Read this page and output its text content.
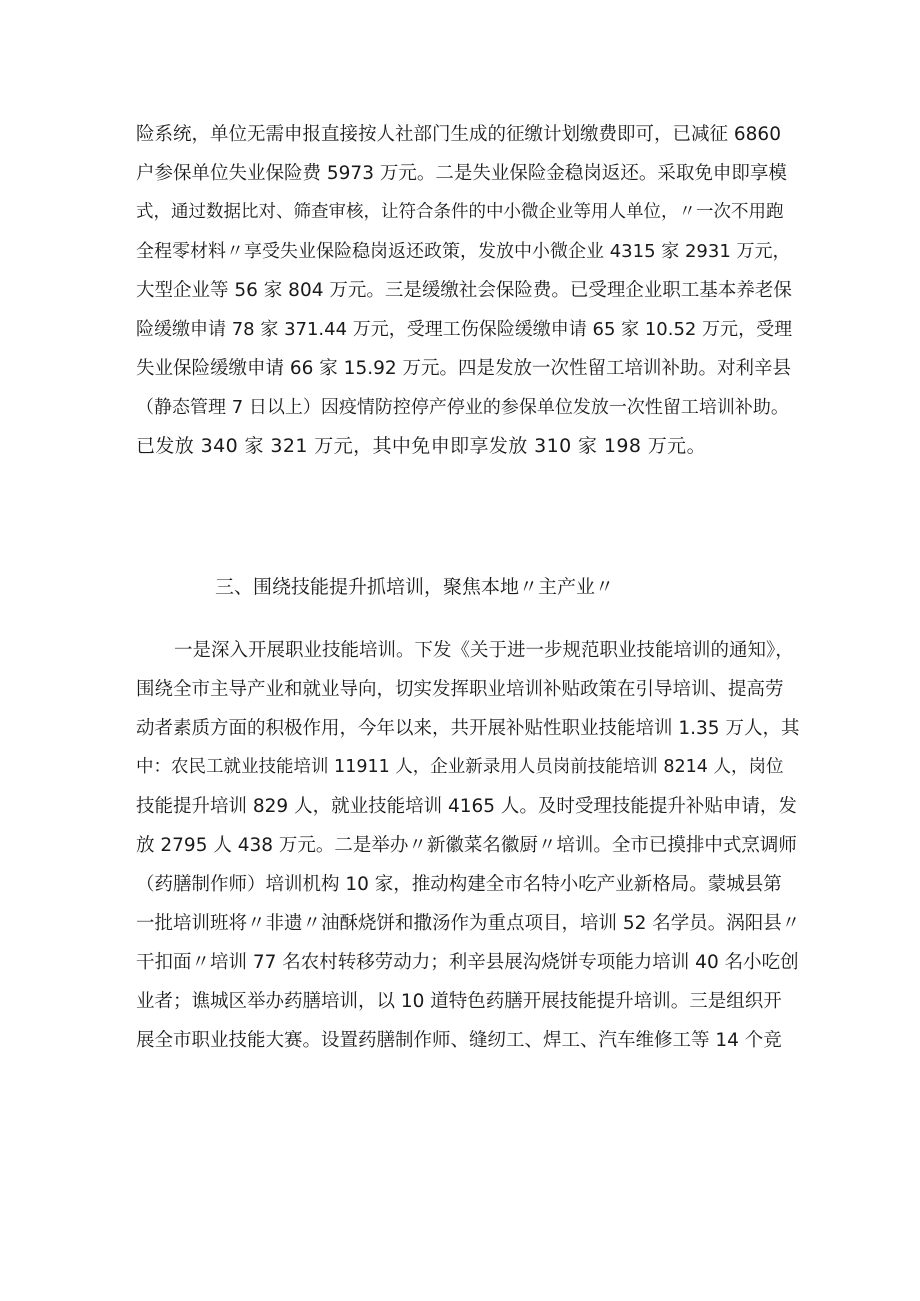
险系统，单位无需申报直接按人社部门生成的征缴计划缴费即可，已减征 6860
户参保单位失业保险费 5973 万元。二是失业保险金稳岗返还。采取免申即享模
式，通过数据比对、筛查审核，让符合条件的中小微企业等用人单位，〃一次不用跑
全程零材料〃享受失业保险稳岗返还政策，发放中小微企业 4315 家 2931 万元，
大型企业等 56 家 804 万元。三是缓缴社会保险费。已受理企业职工基本养老保
险缓缴申请 78 家 371.44 万元，受理工伤保险缓缴申请 65 家 10.52 万元，受理
失业保险缓缴申请 66 家 15.92 万元。四是发放一次性留工培训补助。对利辛县
（静态管理 7 日以上）因疫情防控停产停业的参保单位发放一次性留工培训补助。
已发放 340 家 321 万元，其中免申即享发放 310 家 198 万元。
三、围绕技能提升抓培训，聚焦本地〃主产业〃
一是深入开展职业技能培训。下发《关于进一步规范职业技能培训的通知》，
围绕全市主导产业和就业导向，切实发挥职业培训补贴政策在引导培训、提高劳
动者素质方面的积极作用，今年以来，共开展补贴性职业技能培训 1.35 万人，其
中：农民工就业技能培训 11911 人，企业新录用人员岗前技能培训 8214 人，岗位
技能提升培训 829 人，就业技能培训 4165 人。及时受理技能提升补贴申请，发
放 2795 人 438 万元。二是举办〃新徽菜名徽厨〃培训。全市已摸排中式烹调师
（药膳制作师）培训机构 10 家，推动构建全市名特小吃产业新格局。蒙城县第
一批培训班将〃非遗〃油酥烧饼和撒汤作为重点项目，培训 52 名学员。涡阳县〃
干扣面〃培训 77 名农村转移劳动力；利辛县展沟烧饼专项能力培训 40 名小吃创
业者；谯城区举办药膳培训，以 10 道特色药膳开展技能提升培训。三是组织开
展全市职业技能大赛。设置药膳制作师、缝纫工、焊工、汽车维修工等 14 个竞
